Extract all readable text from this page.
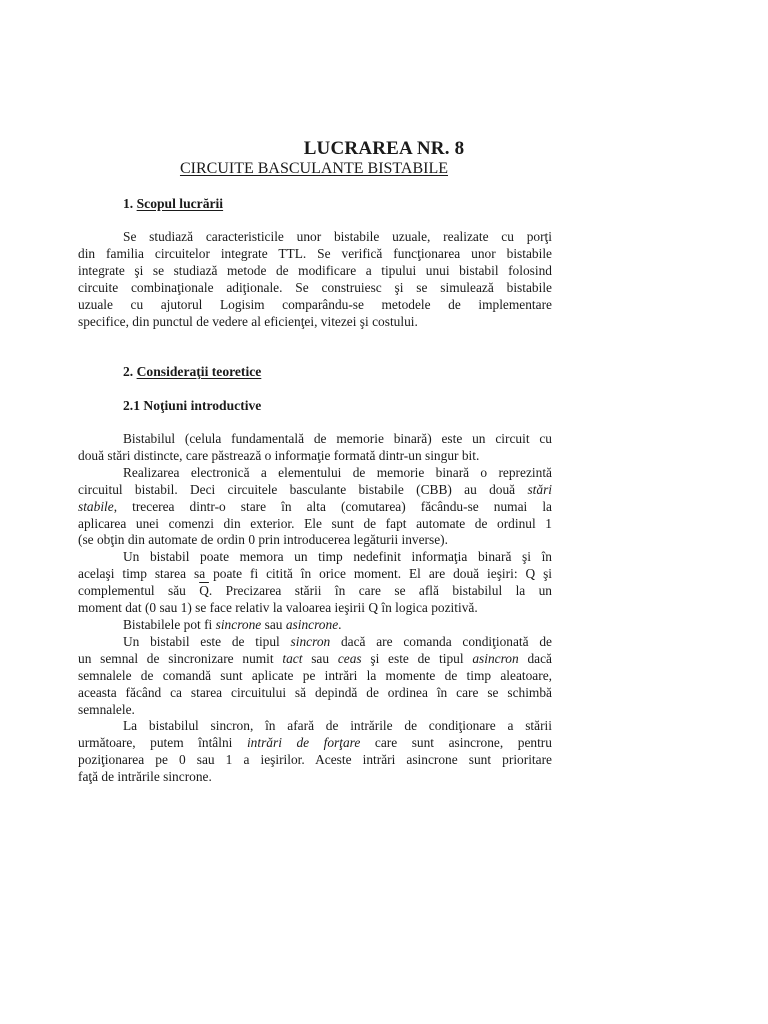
LUCRAREA NR. 8
CIRCUITE BASCULANTE BISTABILE
1. Scopul lucrării
Se studiază caracteristicile unor bistabile uzuale, realizate cu porţi
din familia circuitelor integrate TTL. Se verifică funcţionarea unor bistabile
integrate şi se studiază metode de modificare a tipului unui bistabil folosind
circuite combinaţionale adiţionale. Se construiesc şi se simulează bistabile
uzuale cu ajutorul Logisim comparându-se metodele de implementare
specifice, din punctul de vedere al eficienţei, vitezei şi costului.
2. Consideraţii teoretice
2.1 Noţiuni introductive
Bistabilul (celula fundamentală de memorie binară) este un circuit cu
două stări distincte, care păstrează o informaţie formată dintr-un singur bit.
Realizarea electronică a elementului de memorie binară o reprezintă
circuitul bistabil. Deci circuitele basculante bistabile (CBB) au două stări
stabile, trecerea dintr-o stare în alta (comutarea) făcându-se numai la
aplicarea unei comenzi din exterior. Ele sunt de fapt automate de ordinul 1
(se obţin din automate de ordin 0 prin introducerea legăturii inverse).
Un bistabil poate memora un timp nedefinit informaţia binară şi în
acelaşi timp starea sa poate fi citită în orice moment. El are două ieşiri: Q şi
complementul său $\overline{Q}$. Precizarea stării în care se află bistabilul la un
moment dat (0 sau 1) se face relativ la valoarea ieşirii Q în logica pozitivă.
Bistabilele pot fi sincrone sau asincrone.
Un bistabil este de tipul sincron dacă are comanda condiţionată de
un semnal de sincronizare numit tact sau ceas şi este de tipul asincron dacă
semnalele de comandă sunt aplicate pe intrări la momente de timp aleatoare,
aceasta făcând ca starea circuitului să depindă de ordinea în care se schimbă
semnalele.
La bistabilul sincron, în afară de intrările de condiţionare a stării
următoare, putem întâlni intrări de forţare care sunt asincrone, pentru
poziţionarea pe 0 sau 1 a ieşirilor. Aceste intrări asincrone sunt prioritare
faţă de intrările sincrone.
